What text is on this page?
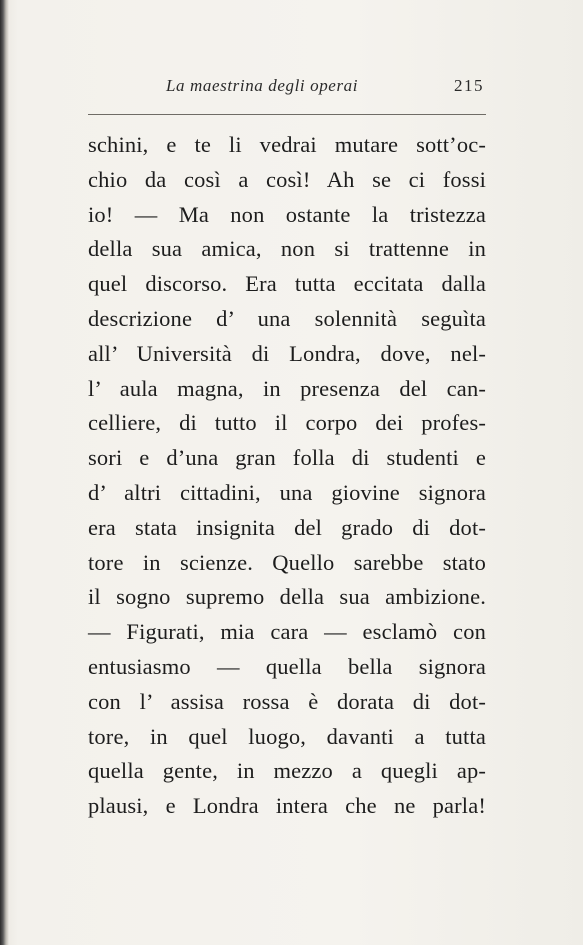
La maestrina degli operai	215
schini, e te li vedrai mutare sott’oc-
chio da così a così! Ah se ci fossi
io! — Ma non ostante la tristezza
della sua amica, non si trattenne in
quel discorso. Era tutta eccitata dalla
descrizione d’ una solennità seguìta
all’ Università di Londra, dove, nel-
l’ aula magna, in presenza del can-
celliere, di tutto il corpo dei profes-
sori e d’una gran folla di studenti e
d’ altri cittadini, una giovine signora
era stata insignita del grado di dot-
tore in scienze. Quello sarebbe stato
il sogno supremo della sua ambizione.
— Figurati, mia cara — esclamò con
entusiasmo — quella bella signora
con l’ assisa rossa è dorata di dot-
tore, in quel luogo, davanti a tutta
quella gente, in mezzo a quegli ap-
plausi, e Londra intera che ne parla!
